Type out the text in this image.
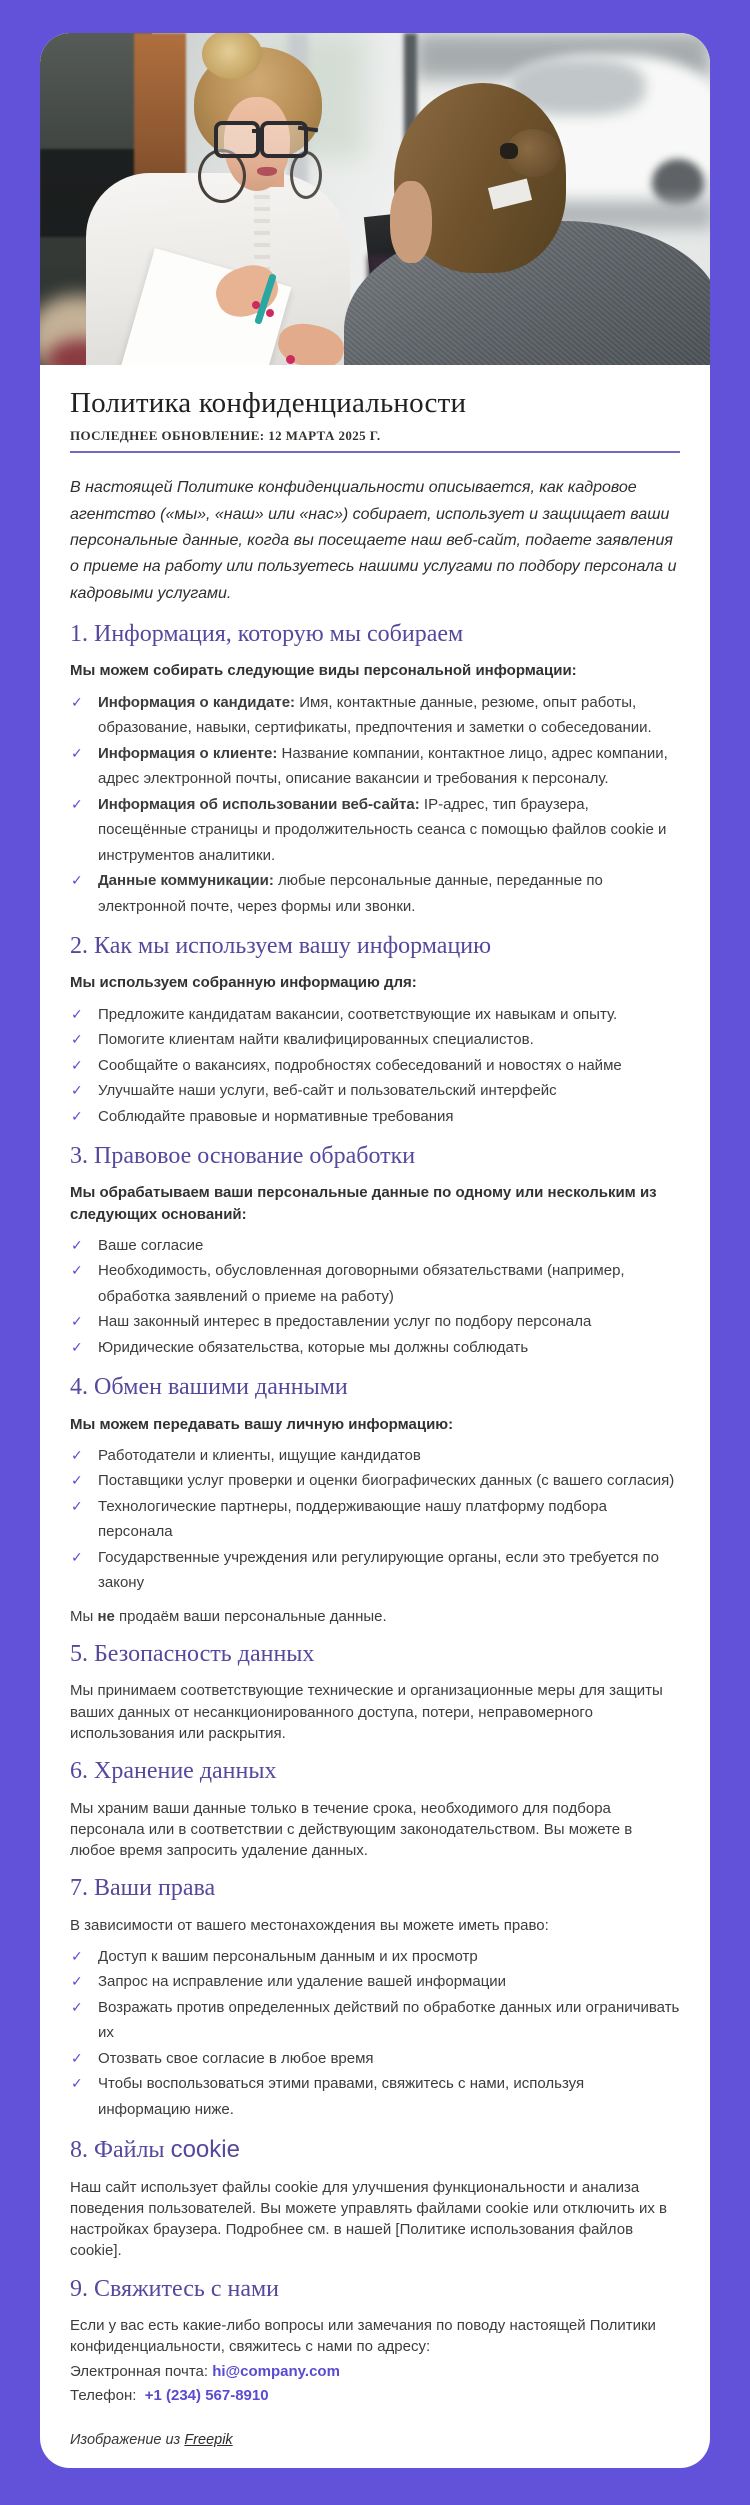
Политика конфиденциальности
ПОСЛЕДНЕЕ ОБНОВЛЕНИЕ: 12 МАРТА 2025 Г.

В настоящей Политике конфиденциальности описывается, как кадровое агентство («мы», «наш» или «нас») собирает, использует и защищает ваши персональные данные, когда вы посещаете наш веб-сайт, подаете заявления о приеме на работу или пользуетесь нашими услугами по подбору персонала и кадровыми услугами.

1. Информация, которую мы собираем

Мы можем собирать следующие виды персональной информации:

✓ Информация о кандидате: Имя, контактные данные, резюме, опыт работы, образование, навыки, сертификаты, предпочтения и заметки о собеседовании.
✓ Информация о клиенте: Название компании, контактное лицо, адрес компании, адрес электронной почты, описание вакансии и требования к персоналу.
✓ Информация об использовании веб-сайта: IP-адрес, тип браузера, посещённые страницы и продолжительность сеанса с помощью файлов cookie и инструментов аналитики.
✓ Данные коммуникации: любые персональные данные, переданные по электронной почте, через формы или звонки.
2. Как мы используем вашу информацию

Мы используем собранную информацию для:

✓ Предложите кандидатам вакансии, соответствующие их навыкам и опыту.
✓ Помогите клиентам найти квалифицированных специалистов.
✓ Сообщайте о вакансиях, подробностях собеседований и новостях о найме
✓ Улучшайте наши услуги, веб-сайт и пользовательский интерфейс
✓ Соблюдайте правовые и нормативные требования
3. Правовое основание обработки

Мы обрабатываем ваши персональные данные по одному или нескольким из следующих оснований:

✓ Ваше согласие
✓ Необходимость, обусловленная договорными обязательствами (например, обработка заявлений о приеме на работу)
✓ Наш законный интерес в предоставлении услуг по подбору персонала
✓ Юридические обязательства, которые мы должны соблюдать
4. Обмен вашими данными

Мы можем передавать вашу личную информацию:

✓ Работодатели и клиенты, ищущие кандидатов
✓ Поставщики услуг проверки и оценки биографических данных (с вашего согласия)
✓ Технологические партнеры, поддерживающие нашу платформу подбора персонала
✓ Государственные учреждения или регулирующие органы, если это требуется по закону

Мы не продаём ваши персональные данные.

5. Безопасность данных

Мы принимаем соответствующие технические и организационные меры для защиты ваших данных от несанкционированного доступа, потери, неправомерного использования или раскрытия.

6. Хранение данных

Мы храним ваши данные только в течение срока, необходимого для подбора персонала или в соответствии с действующим законодательством. Вы можете в любое время запросить удаление данных.

7. Ваши права

В зависимости от вашего местонахождения вы можете иметь право:

✓ Доступ к вашим персональным данным и их просмотр
✓ Запрос на исправление или удаление вашей информации
✓ Возражать против определенных действий по обработке данных или ограничивать их
✓ Отозвать свое согласие в любое время
✓ Чтобы воспользоваться этими правами, свяжитесь с нами, используя информацию ниже.
8. Файлы cookie

Наш сайт использует файлы cookie для улучшения функциональности и анализа поведения пользователей. Вы можете управлять файлами cookie или отключить их в настройках браузера. Подробнее см. в нашей [Политике использования файлов cookie].

9. Свяжитесь с нами

Если у вас есть какие-либо вопросы или замечания по поводу настоящей Политики конфиденциальности, свяжитесь с нами по адресу:

Электронная почта: hi@company.com

Телефон:  +1 (234) 567-8910

Изображение из Freepik
